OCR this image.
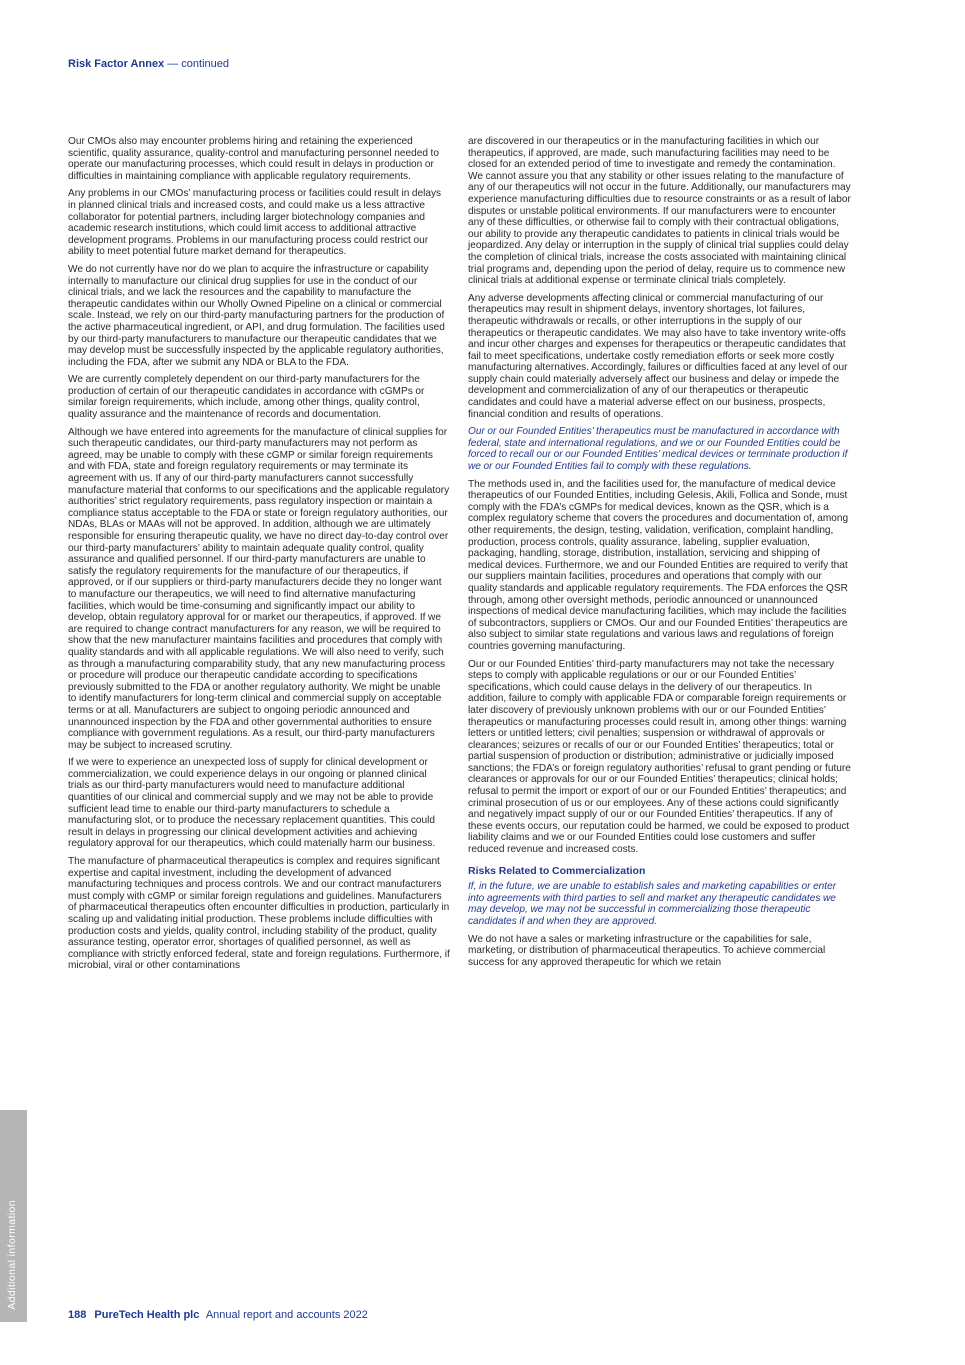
Risk Factor Annex — continued

Our CMOs also may encounter problems hiring and retaining the experienced scientific, quality assurance, quality-control and manufacturing personnel needed to operate our manufacturing processes, which could result in delays in production or difficulties in maintaining compliance with applicable regulatory requirements.

Any problems in our CMOs’ manufacturing process or facilities could result in delays in planned clinical trials and increased costs, and could make us a less attractive collaborator for potential partners, including larger biotechnology companies and academic research institutions, which could limit access to additional attractive development programs. Problems in our manufacturing process could restrict our ability to meet potential future market demand for therapeutics.

We do not currently have nor do we plan to acquire the infrastructure or capability internally to manufacture our clinical drug supplies for use in the conduct of our clinical trials, and we lack the resources and the capability to manufacture the therapeutic candidates within our Wholly Owned Pipeline on a clinical or commercial scale. Instead, we rely on our third-party manufacturing partners for the production of the active pharmaceutical ingredient, or API, and drug formulation. The facilities used by our third-party manufacturers to manufacture our therapeutic candidates that we may develop must be successfully inspected by the applicable regulatory authorities, including the FDA, after we submit any NDA or BLA to the FDA.

We are currently completely dependent on our third-party manufacturers for the production of certain of our therapeutic candidates in accordance with cGMPs or similar foreign requirements, which include, among other things, quality control, quality assurance and the maintenance of records and documentation.

Although we have entered into agreements for the manufacture of clinical supplies for such therapeutic candidates, our third-party manufacturers may not perform as agreed, may be unable to comply with these cGMP or similar foreign requirements and with FDA, state and foreign regulatory requirements or may terminate its agreement with us. If any of our third-party manufacturers cannot successfully manufacture material that conforms to our specifications and the applicable regulatory authorities’ strict regulatory requirements, pass regulatory inspection or maintain a compliance status acceptable to the FDA or state or foreign regulatory authorities, our NDAs, BLAs or MAAs will not be approved. In addition, although we are ultimately responsible for ensuring therapeutic quality, we have no direct day-to-day control over our third-party manufacturers’ ability to maintain adequate quality control, quality assurance and qualified personnel. If our third-party manufacturers are unable to satisfy the regulatory requirements for the manufacture of our therapeutics, if approved, or if our suppliers or third-party manufacturers decide they no longer want to manufacture our therapeutics, we will need to find alternative manufacturing facilities, which would be time-consuming and significantly impact our ability to develop, obtain regulatory approval for or market our therapeutics, if approved. If we are required to change contract manufacturers for any reason, we will be required to show that the new manufacturer maintains facilities and procedures that comply with quality standards and with all applicable regulations. We will also need to verify, such as through a manufacturing comparability study, that any new manufacturing process or procedure will produce our therapeutic candidate according to specifications previously submitted to the FDA or another regulatory authority. We might be unable to identify manufacturers for long-term clinical and commercial supply on acceptable terms or at all. Manufacturers are subject to ongoing periodic announced and unannounced inspection by the FDA and other governmental authorities to ensure compliance with government regulations. As a result, our third-party manufacturers may be subject to increased scrutiny.

If we were to experience an unexpected loss of supply for clinical development or commercialization, we could experience delays in our ongoing or planned clinical trials as our third-party manufacturers would need to manufacture additional quantities of our clinical and commercial supply and we may not be able to provide sufficient lead time to enable our third-party manufacturers to schedule a manufacturing slot, or to produce the necessary replacement quantities. This could result in delays in progressing our clinical development activities and achieving regulatory approval for our therapeutics, which could materially harm our business.

The manufacture of pharmaceutical therapeutics is complex and requires significant expertise and capital investment, including the development of advanced manufacturing techniques and process controls. We and our contract manufacturers must comply with cGMP or similar foreign regulations and guidelines. Manufacturers of pharmaceutical therapeutics often encounter difficulties in production, particularly in scaling up and validating initial production. These problems include difficulties with production costs and yields, quality control, including stability of the product, quality assurance testing, operator error, shortages of qualified personnel, as well as compliance with strictly enforced federal, state and foreign regulations. Furthermore, if microbial, viral or other contaminations

are discovered in our therapeutics or in the manufacturing facilities in which our therapeutics, if approved, are made, such manufacturing facilities may need to be closed for an extended period of time to investigate and remedy the contamination. We cannot assure you that any stability or other issues relating to the manufacture of any of our therapeutics will not occur in the future. Additionally, our manufacturers may experience manufacturing difficulties due to resource constraints or as a result of labor disputes or unstable political environments. If our manufacturers were to encounter any of these difficulties, or otherwise fail to comply with their contractual obligations, our ability to provide any therapeutic candidates to patients in clinical trials would be jeopardized. Any delay or interruption in the supply of clinical trial supplies could delay the completion of clinical trials, increase the costs associated with maintaining clinical trial programs and, depending upon the period of delay, require us to commence new clinical trials at additional expense or terminate clinical trials completely.

Any adverse developments affecting clinical or commercial manufacturing of our therapeutics may result in shipment delays, inventory shortages, lot failures, therapeutic withdrawals or recalls, or other interruptions in the supply of our therapeutics or therapeutic candidates. We may also have to take inventory write-offs and incur other charges and expenses for therapeutics or therapeutic candidates that fail to meet specifications, undertake costly remediation efforts or seek more costly manufacturing alternatives. Accordingly, failures or difficulties faced at any level of our supply chain could materially adversely affect our business and delay or impede the development and commercialization of any of our therapeutics or therapeutic candidates and could have a material adverse effect on our business, prospects, financial condition and results of operations.

Our or our Founded Entities’ therapeutics must be manufactured in accordance with federal, state and international regulations, and we or our Founded Entities could be forced to recall our or our Founded Entities’ medical devices or terminate production if we or our Founded Entities fail to comply with these regulations.

The methods used in, and the facilities used for, the manufacture of medical device therapeutics of our Founded Entities, including Gelesis, Akili, Follica and Sonde, must comply with the FDA’s cGMPs for medical devices, known as the QSR, which is a complex regulatory scheme that covers the procedures and documentation of, among other requirements, the design, testing, validation, verification, complaint handling, production, process controls, quality assurance, labeling, supplier evaluation, packaging, handling, storage, distribution, installation, servicing and shipping of medical devices. Furthermore, we and our Founded Entities are required to verify that our suppliers maintain facilities, procedures and operations that comply with our quality standards and applicable regulatory requirements. The FDA enforces the QSR through, among other oversight methods, periodic announced or unannounced inspections of medical device manufacturing facilities, which may include the facilities of subcontractors, suppliers or CMOs. Our and our Founded Entities’ therapeutics are also subject to similar state regulations and various laws and regulations of foreign countries governing manufacturing.

Our or our Founded Entities’ third-party manufacturers may not take the necessary steps to comply with applicable regulations or our or our Founded Entities’ specifications, which could cause delays in the delivery of our therapeutics. In addition, failure to comply with applicable FDA or comparable foreign requirements or later discovery of previously unknown problems with our or our Founded Entities’ therapeutics or manufacturing processes could result in, among other things: warning letters or untitled letters; civil penalties; suspension or withdrawal of approvals or clearances; seizures or recalls of our or our Founded Entities’ therapeutics; total or partial suspension of production or distribution; administrative or judicially imposed sanctions; the FDA’s or foreign regulatory authorities’ refusal to grant pending or future clearances or approvals for our or our Founded Entities’ therapeutics; clinical holds; refusal to permit the import or export of our or our Founded Entities’ therapeutics; and criminal prosecution of us or our employees. Any of these actions could significantly and negatively impact supply of our or our Founded Entities’ therapeutics. If any of these events occurs, our reputation could be harmed, we could be exposed to product liability claims and we or our Founded Entities could lose customers and suffer reduced revenue and increased costs.

Risks Related to Commercialization

If, in the future, we are unable to establish sales and marketing capabilities or enter into agreements with third parties to sell and market any therapeutic candidates we may develop, we may not be successful in commercializing those therapeutic candidates if and when they are approved.

We do not have a sales or marketing infrastructure or the capabilities for sale, marketing, or distribution of pharmaceutical therapeutics. To achieve commercial success for any approved therapeutic for which we retain

Additional information
188 PureTech Health plc Annual report and accounts 2022
